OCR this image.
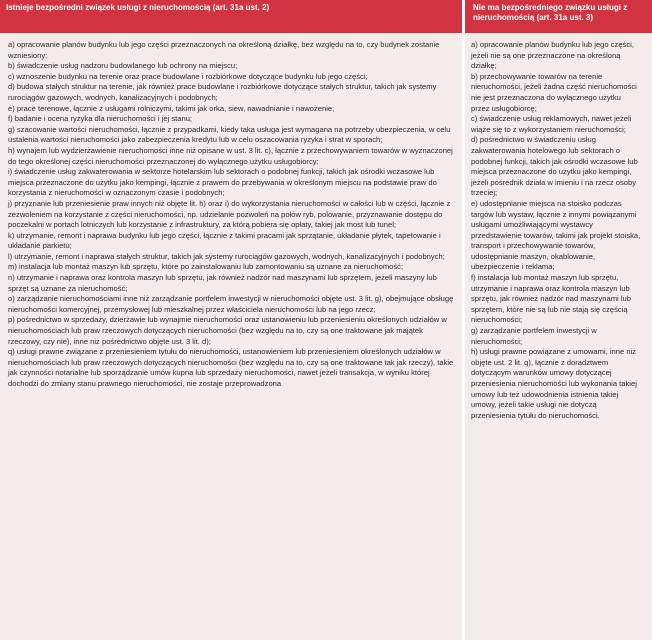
Istnieje bezpośredni związek usługi z nieruchomością (art. 31a ust. 2)	Nie ma bezpośredniego związku usługi z nieruchomością (art. 31a ust. 3)
a) opracowanie planów budynku lub jego części przeznaczonych na określoną działkę, bez względu na to, czy budynek zostanie wzniesiony;
b) świadczenie usług nadzoru budowlanego lub ochrony na miejscu;
c) wznoszenie budynku na terenie oraz prace budowlane i rozbiórkowe dotyczące budynku lub jego części;
d) budowa stałych struktur na terenie, jak również prace budowlane i rozbiórkowe dotyczące stałych struktur, takich jak systemy rurociągów gazowych, wodnych, kanalizacyjnych i podobnych;
e) prace terenowe, łącznie z usługami rolniczymi, takimi jak orka, siew, nawadnianie i nawożenie;
f) badanie i ocena ryzyka dla nieruchomości i jej stanu;
g) szacowanie wartości nieruchomości, łącznie z przypadkami, kiedy taka usługa jest wymagana na potrzeby ubezpieczenia, w celu ustalenia wartości nieruchomości jako zabezpieczenia kredytu lub w celu oszacowania ryzyka i strat w sporach;
h) wynajem lub wydzierżawienie nieruchomości inne niż opisane w ust. 3 lit. c), łącznie z przechowywaniem towarów w wyznaczonej do tego określonej części nieruchomości przeznaczonej do wyłącznego użytku usługobiorcy;
i) świadczenie usług zakwaterowania w sektorze hotelarskim lub sektorach o podobnej funkcji, takich jak ośrodki wczasowe lub miejsca przeznaczone do użytku jako kempingi, łącznie z prawem do przebywania w określonym miejscu na podstawie praw do korzystania z nieruchomości w oznaczonym czasie i podobnych;
j) przyznanie lub przeniesienie praw innych niż objęte lit. h) oraz i) do wykorzystania nieruchomości w całości lub w części, łącznie z zezwoleniem na korzystanie z części nieruchomości, np. udzielanie pozwoleń na połów ryb, polowanie, przyznawanie dostępu do poczekalni w portach lotniczych lub korzystanie z infrastruktury, za którą pobiera się opłaty, takiej jak most lub tunel;
k) utrzymanie, remont i naprawa budynku lub jego części, łącznie z takimi pracami jak sprzątanie, układanie płytek, tapetowanie i układanie parkietu;
l) utrzymanie, remont i naprawa stałych struktur, takich jak systemy rurociągów gazowych, wodnych, kanalizacyjnych i podobnych;
m) instalacja lub montaż maszyn lub sprzętu, które po zainstalowaniu lub zamontowaniu są uznane za nieruchomość;
n) utrzymanie i naprawa oraz kontrola maszyn lub sprzętu, jak również nadzór nad maszynami lub sprzętem, jeżeli maszyny lub sprzęt są uznane za nieruchomość;
o) zarządzanie nieruchomościami inne niż zarządzanie portfelem inwestycji w nieruchomości objęte ust. 3 lit. g), obejmujące obsługę nieruchomości komercyjnej, przemysłowej lub mieszkalnej przez właściciela nieruchomości lub na jego rzecz;
p) pośrednictwo w sprzedaży, dzierżawie lub wynajmie nieruchomości oraz ustanowieniu lub przeniesieniu określonych udziałów w nieruchomościach lub praw rzeczowych dotyczących nieruchomości (bez względu na to, czy są one traktowane jak majątek rzeczowy, czy nie), inne niż pośrednictwo objęte ust. 3 lit. d);
q) usługi prawne związane z przeniesieniem tytułu do nieruchomości, ustanowieniem lub przeniesieniem określonych udziałów w nieruchomościach lub praw rzeczowych dotyczących nieruchomości (bez względu na to, czy są one traktowane tak jak rzeczy), takie jak czynności notarialne lub sporządzanie umów kupna lub sprzedaży nieruchomości, nawet jeżeli transakcja, w wyniku której dochodzi do zmiany stanu prawnego nieruchomości, nie zostaje przeprowadzona
a) opracowanie planów budynku lub jego części, jeżeli nie są one przeznaczone na określoną działkę;
b) przechowywanie towarów na terenie nieruchomości, jeżeli żadna część nieruchomości nie jest przeznaczona do wyłącznego użytku przez usługobiorcę;
c) świadczenie usług reklamowych, nawet jeżeli wiąże się to z wykorzystaniem nieruchomości;
d) pośrednictwo w świadczeniu usług zakwaterowania hotelowego lub sektorach o podobnej funkcji, takich jak ośrodki wczasowe lub miejsca przeznaczone do użytku jako kempingi, jeżeli pośrednik działa w imieniu i na rzecz osoby trzeciej;
e) udostępnianie miejsca na stoisko podczas targów lub wystaw, łącznie z innymi powiązanymi usługami umożliwiającymi wystawcy przedstawienie towarów, takimi jak projekt stoiska, transport i przechowywanie towarów, udostępnianie maszyn, okablowanie, ubezpieczenie i reklama;
f) instalacja lub montaż maszyn lub sprzętu, utrzymanie i naprawa oraz kontrola maszyn lub sprzętu, jak również nadzór nad maszynami lub sprzętem, które nie są lub nie stają się częścią nieruchomości;
g) zarządzanie portfelem inwestycji w nieruchomości;
h) usługi prawne powiązane z umowami, inne niż objęte ust. 2 lit. q), łącznie z doradztwem dotyczącym warunków umowy dotyczącej przeniesienia nieruchomości lub wykonania takiej umowy lub też udowodnienia istnienia takiej umowy, jeżeli takie usługi nie dotyczą przeniesienia tytułu do nieruchomości.
